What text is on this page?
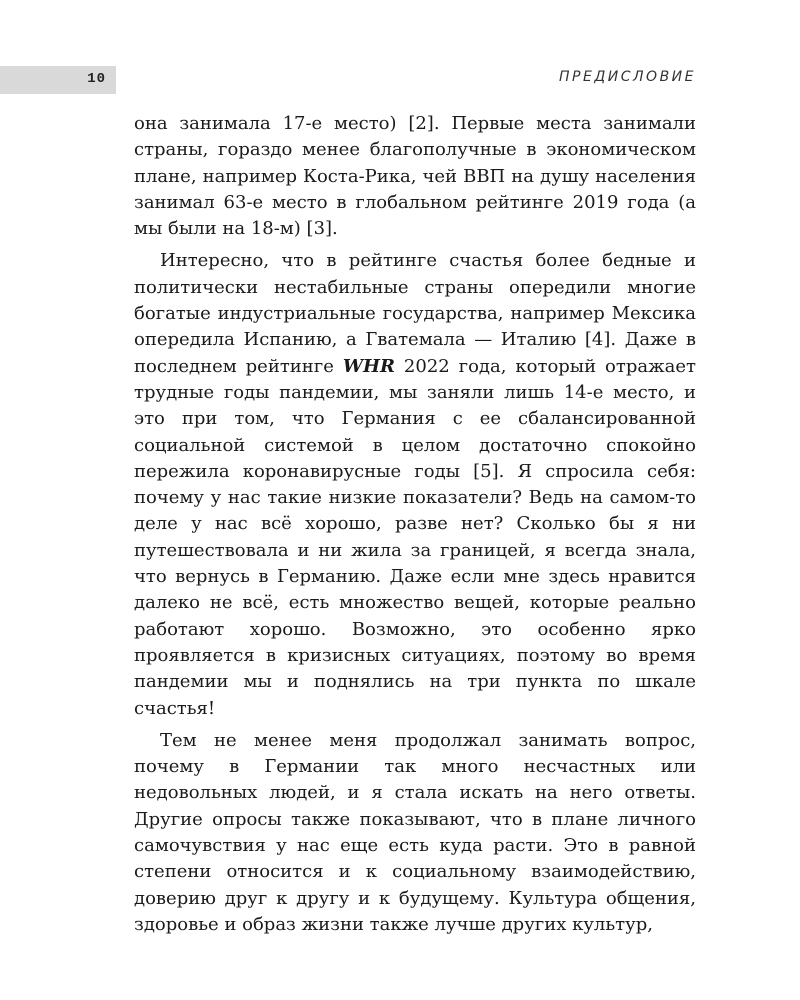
10	ПРЕДИСЛОВИЕ

она занимала 17-е место) [2]. Первые места занимали страны, гораздо менее благополучные в экономическом плане, например Коста-Рика, чей ВВП на душу населения занимал 63-е место в глобальном рейтинге 2019 года (а мы были на 18-м) [3].

Интересно, что в рейтинге счастья более бедные и политически нестабильные страны опередили многие богатые индустриальные государства, например Мексика опередила Испанию, а Гватемала — Италию [4]. Даже в последнем рейтинге WHR 2022 года, который отражает трудные годы пандемии, мы заняли лишь 14-е место, и это при том, что Германия с ее сбалансированной социальной системой в целом достаточно спокойно пережила коронавирусные годы [5]. Я спросила себя: почему у нас такие низкие показатели? Ведь на самом-то деле у нас всё хорошо, разве нет? Сколько бы я ни путешествовала и ни жила за границей, я всегда знала, что вернусь в Германию. Даже если мне здесь нравится далеко не всё, есть множество вещей, которые реально работают хорошо. Возможно, это особенно ярко проявляется в кризисных ситуациях, поэтому во время пандемии мы и поднялись на три пункта по шкале счастья!

Тем не менее меня продолжал занимать вопрос, почему в Германии так много несчастных или недовольных людей, и я стала искать на него ответы. Другие опросы также показывают, что в плане личного самочувствия у нас еще есть куда расти. Это в равной степени относится и к социальному взаимодействию, доверию друг к другу и к будущему. Культура общения, здоровье и образ жизни также лучше других культур,
